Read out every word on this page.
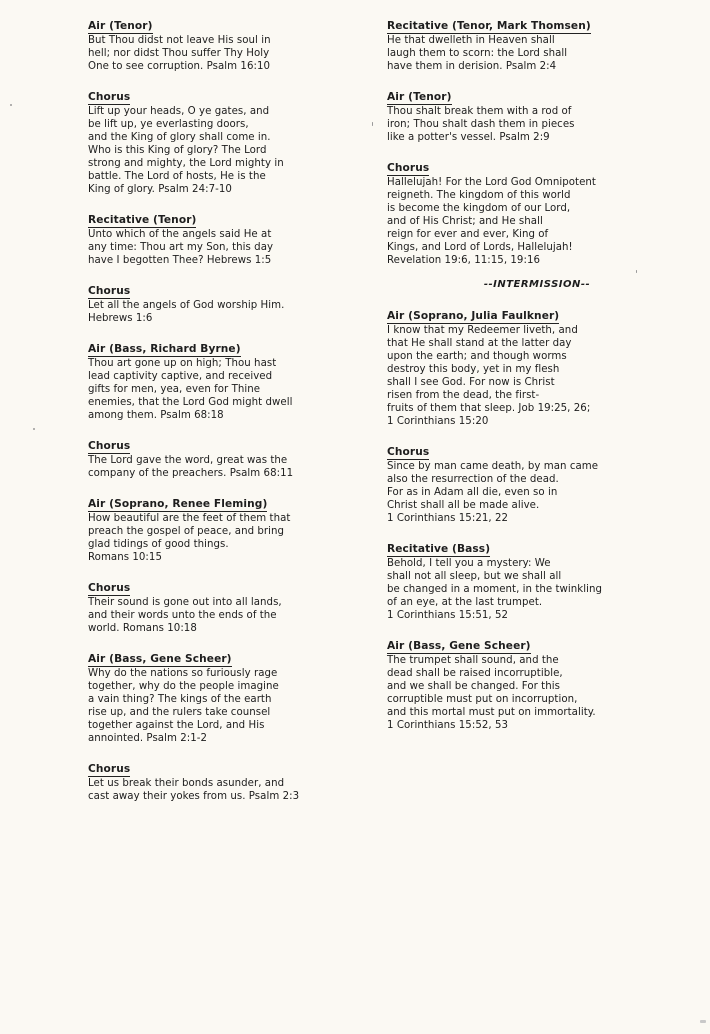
Air (Tenor)
But Thou didst not leave His soul in
hell; nor didst Thou suffer Thy Holy
One to see corruption. Psalm 16:10
Chorus
Lift up your heads, O ye gates, and
be lift up, ye everlasting doors,
and the King of glory shall come in.
Who is this King of glory? The Lord
strong and mighty, the Lord mighty in
battle. The Lord of hosts, He is the
King of glory. Psalm 24:7-10
Recitative (Tenor)
Unto which of the angels said He at
any time: Thou art my Son, this day
have I begotten Thee? Hebrews 1:5
Chorus
Let all the angels of God worship Him.
Hebrews 1:6
Air (Bass, Richard Byrne)
Thou art gone up on high; Thou hast
lead captivity captive, and received
gifts for men, yea, even for Thine
enemies, that the Lord God might dwell
among them. Psalm 68:18
Chorus
The Lord gave the word, great was the
company of the preachers. Psalm 68:11
Air (Soprano, Renee Fleming)
How beautiful are the feet of them that
preach the gospel of peace, and bring
glad tidings of good things.
Romans 10:15
Chorus
Their sound is gone out into all lands,
and their words unto the ends of the
world. Romans 10:18
Air (Bass, Gene Scheer)
Why do the nations so furiously rage
together, why do the people imagine
a vain thing? The kings of the earth
rise up, and the rulers take counsel
together against the Lord, and His
annointed. Psalm 2:1-2
Chorus
Let us break their bonds asunder, and
cast away their yokes from us. Psalm 2:3
Recitative (Tenor, Mark Thomsen)
He that dwelleth in Heaven shall
laugh them to scorn: the Lord shall
have them in derision. Psalm 2:4
Air (Tenor)
Thou shalt break them with a rod of
iron; Thou shalt dash them in pieces
like a potter's vessel. Psalm 2:9
Chorus
Hallelujah! For the Lord God Omnipotent
reigneth. The kingdom of this world
is become the kingdom of our Lord,
and of His Christ; and He shall
reign for ever and ever, King of
Kings, and Lord of Lords, Hallelujah!
Revelation 19:6, 11:15, 19:16
--INTERMISSION--
Air (Soprano, Julia Faulkner)
I know that my Redeemer liveth, and
that He shall stand at the latter day
upon the earth; and though worms
destroy this body, yet in my flesh
shall I see God. For now is Christ
risen from the dead, the first-
fruits of them that sleep. Job 19:25, 26;
1 Corinthians 15:20
Chorus
Since by man came death, by man came
also the resurrection of the dead.
For as in Adam all die, even so in
Christ shall all be made alive.
1 Corinthians 15:21, 22
Recitative (Bass)
Behold, I tell you a mystery: We
shall not all sleep, but we shall all
be changed in a moment, in the twinkling
of an eye, at the last trumpet.
1 Corinthians 15:51, 52
Air (Bass, Gene Scheer)
The trumpet shall sound, and the
dead shall be raised incorruptible,
and we shall be changed. For this
corruptible must put on incorruption,
and this mortal must put on immortality.
1 Corinthians 15:52, 53
